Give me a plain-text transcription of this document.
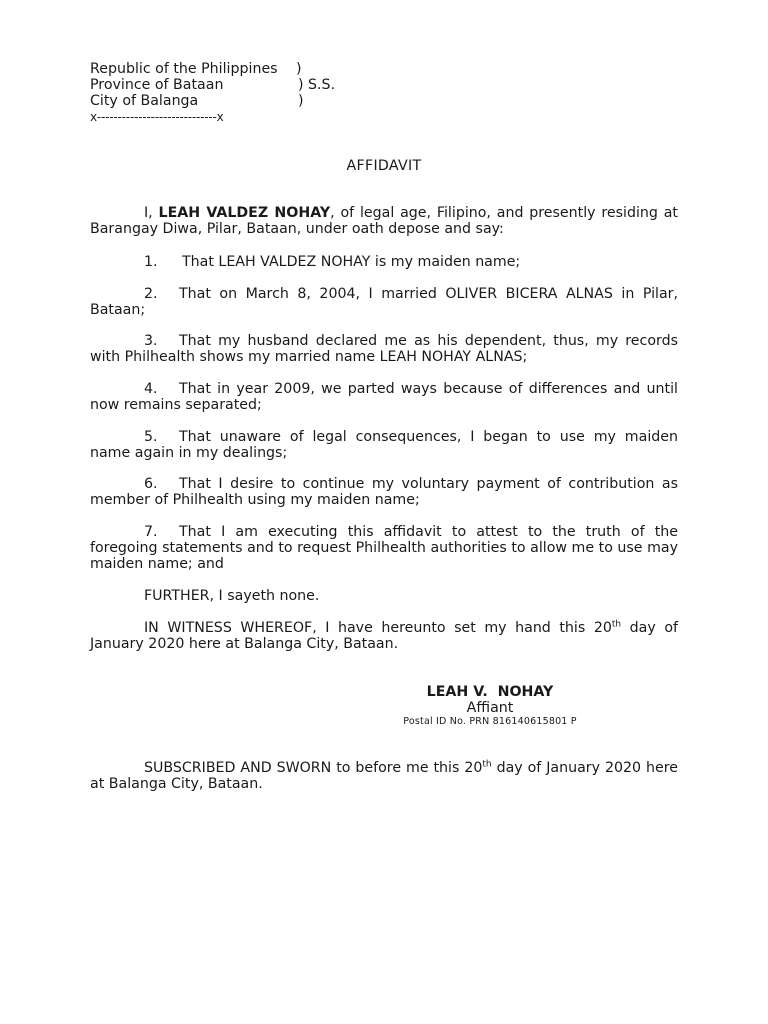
Republic of the Philippines )
Province of Bataan	) S.S.
City of Balanga	)
x-----------------------------x
AFFIDAVIT
I, LEAH VALDEZ NOHAY, of legal age, Filipino, and presently residing at Barangay Diwa, Pilar, Bataan, under oath depose and say:
1. That LEAH VALDEZ NOHAY is my maiden name;
2. That on March 8, 2004, I married OLIVER BICERA ALNAS in Pilar, Bataan;
3. That my husband declared me as his dependent, thus, my records with Philhealth shows my married name LEAH NOHAY ALNAS;
4. That in year 2009, we parted ways because of differences and until now remains separated;
5. That unaware of legal consequences, I began to use my maiden name again in my dealings;
6. That I desire to continue my voluntary payment of contribution as member of Philhealth using my maiden name;
7. That I am executing this affidavit to attest to the truth of the foregoing statements and to request Philhealth authorities to allow me to use may maiden name; and
FURTHER, I sayeth none.
IN WITNESS WHEREOF, I have hereunto set my hand this 20th day of January 2020 here at Balanga City, Bataan.
LEAH V.  NOHAY
Affiant
Postal ID No. PRN 816140615801 P
SUBSCRIBED AND SWORN to before me this 20th day of January 2020 here at Balanga City, Bataan.
